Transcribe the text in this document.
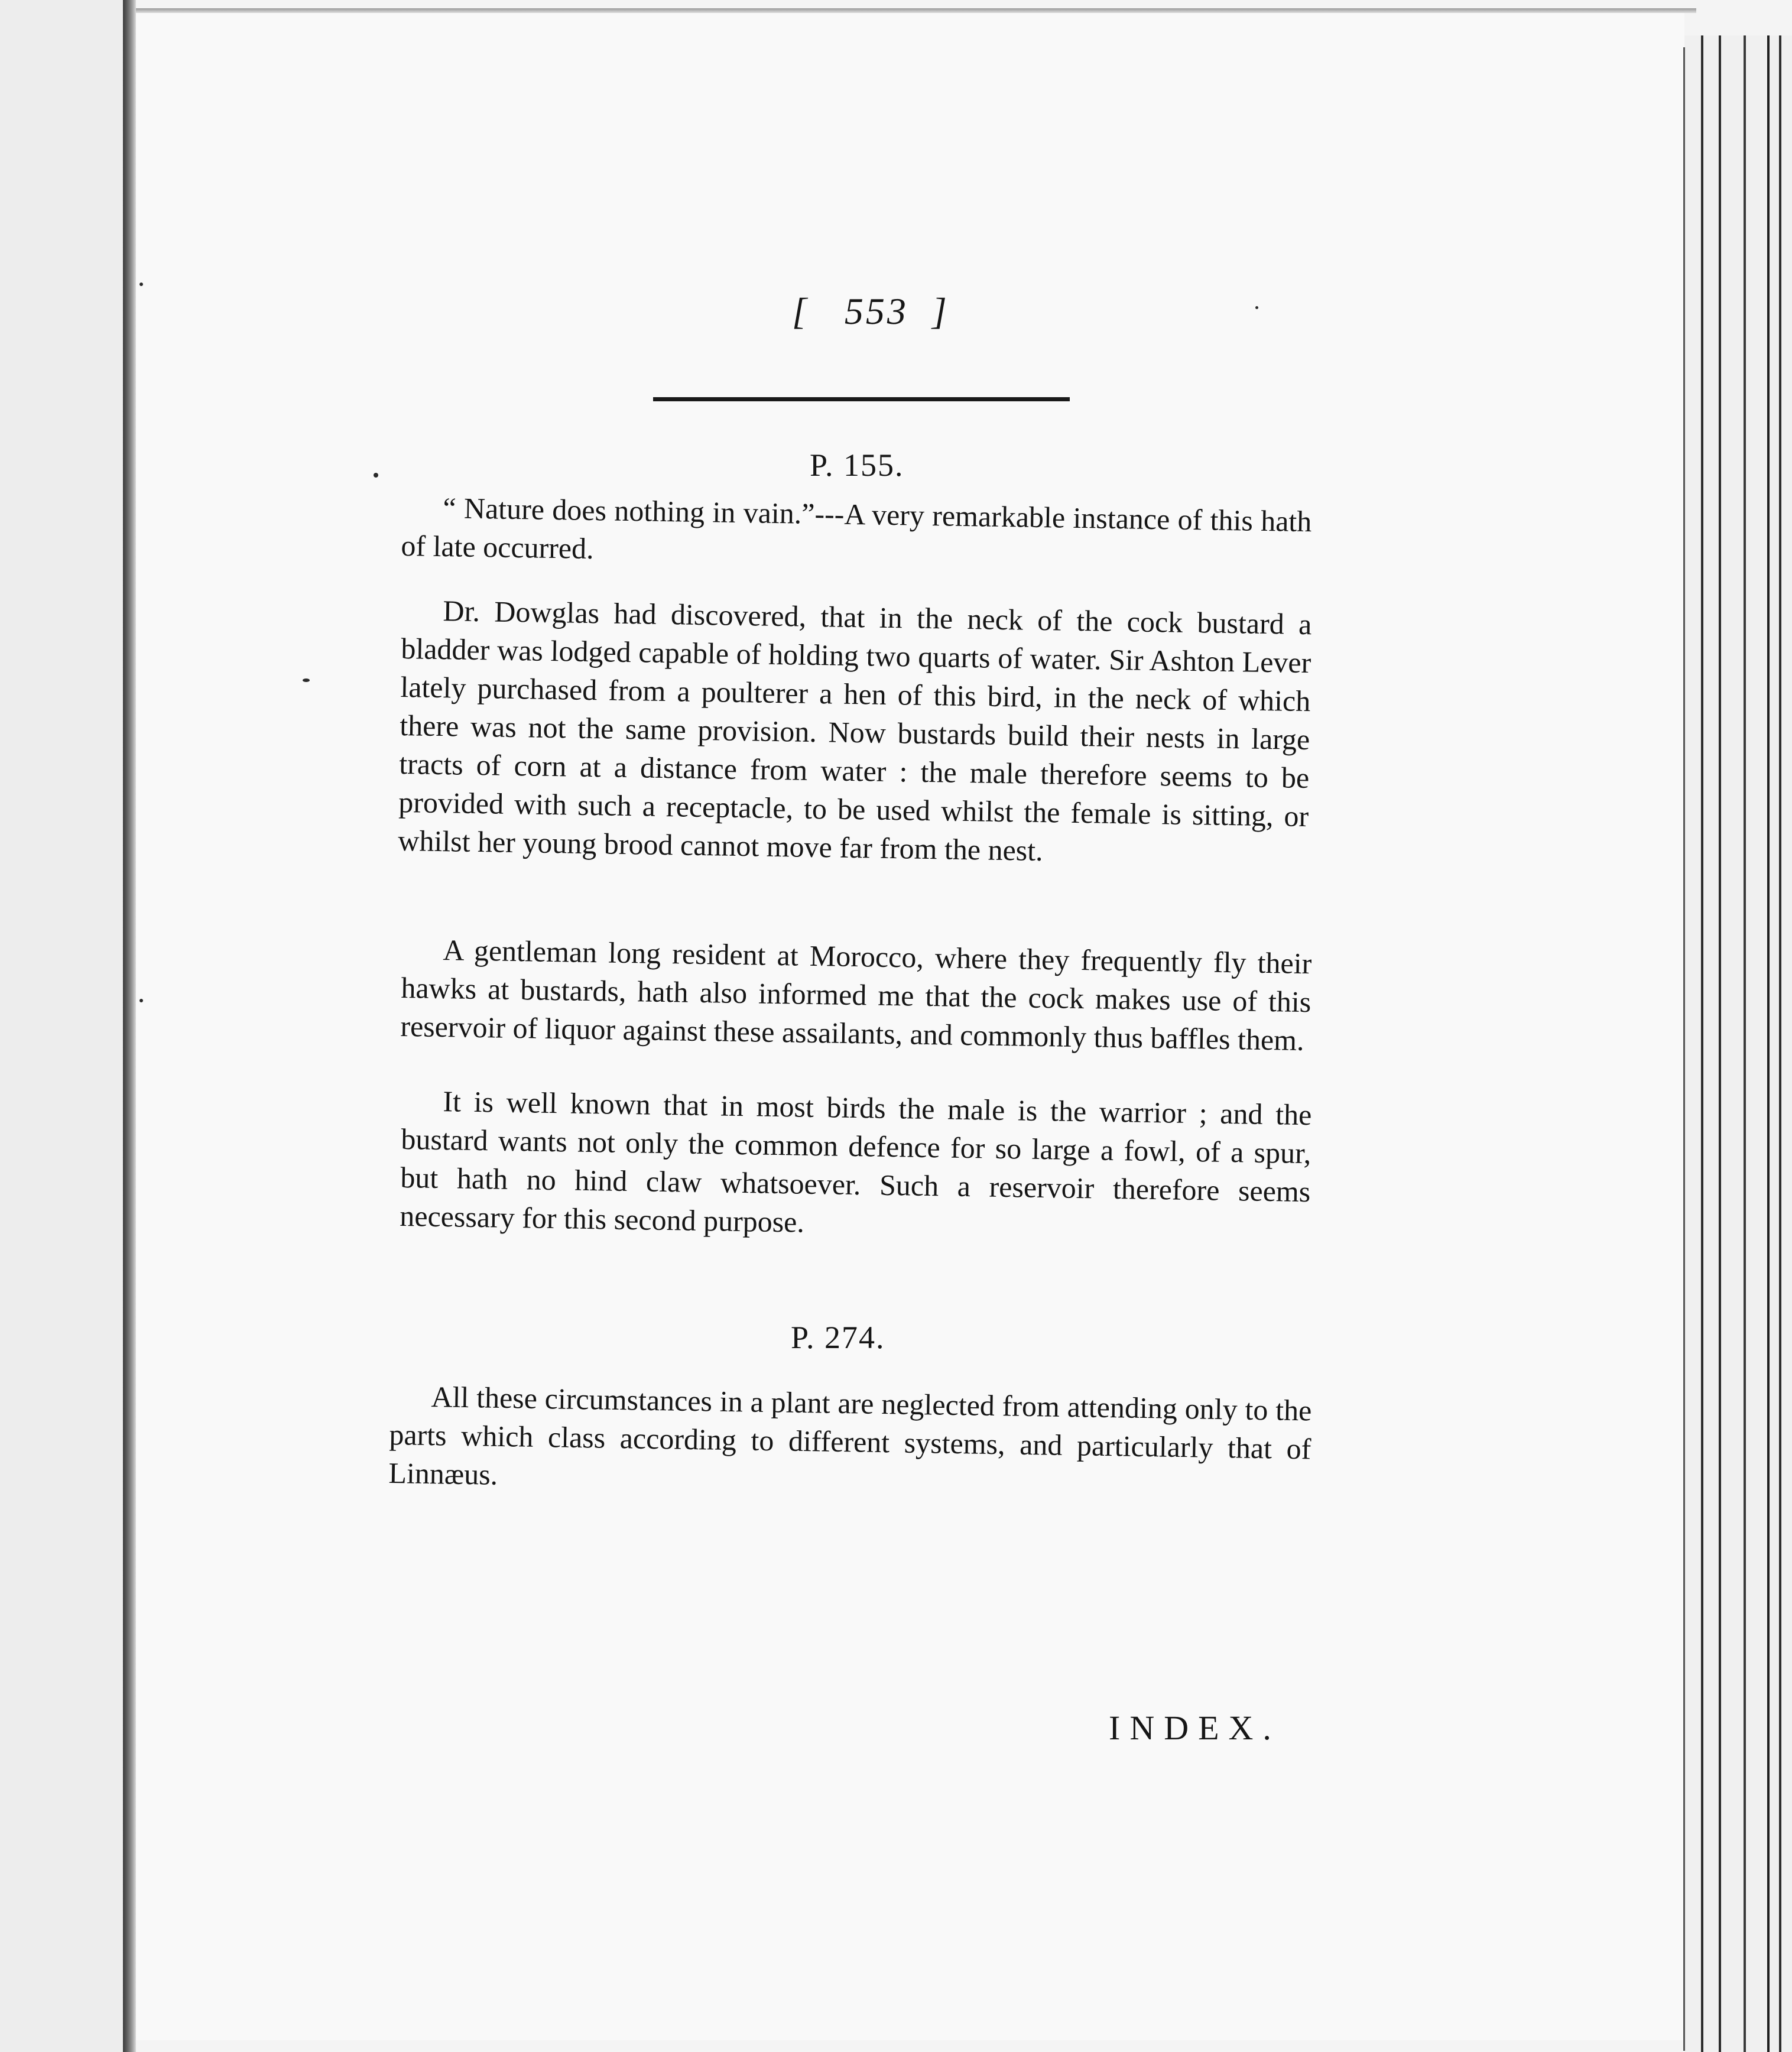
[ 553 ]
P. 155.

“ Nature does nothing in vain.”---A very remarkable instance of this hath of late occurred.

Dr. Dowglas had discovered, that in the neck of the cock bustard a bladder was lodged capable of holding two quarts of water. Sir Ashton Lever lately purchased from a poulterer a hen of this bird, in the neck of which there was not the same provision. Now bustards build their nests in large tracts of corn at a distance from water : the male therefore seems to be provided with such a receptacle, to be used whilst the female is sitting, or whilst her young brood cannot move far from the nest.

A gentleman long resident at Morocco, where they frequently fly their hawks at bustards, hath also informed me that the cock makes use of this reservoir of liquor against these assailants, and commonly thus baffles them.

It is well known that in most birds the male is the warrior ; and the bustard wants not only the common defence for so large a fowl, of a spur, but hath no hind claw whatsoever. Such a reservoir therefore seems necessary for this second purpose.

P. 274.

All these circumstances in a plant are neglected from attending only to the parts which class according to different systems, and particularly that of Linnæus.

INDEX.
